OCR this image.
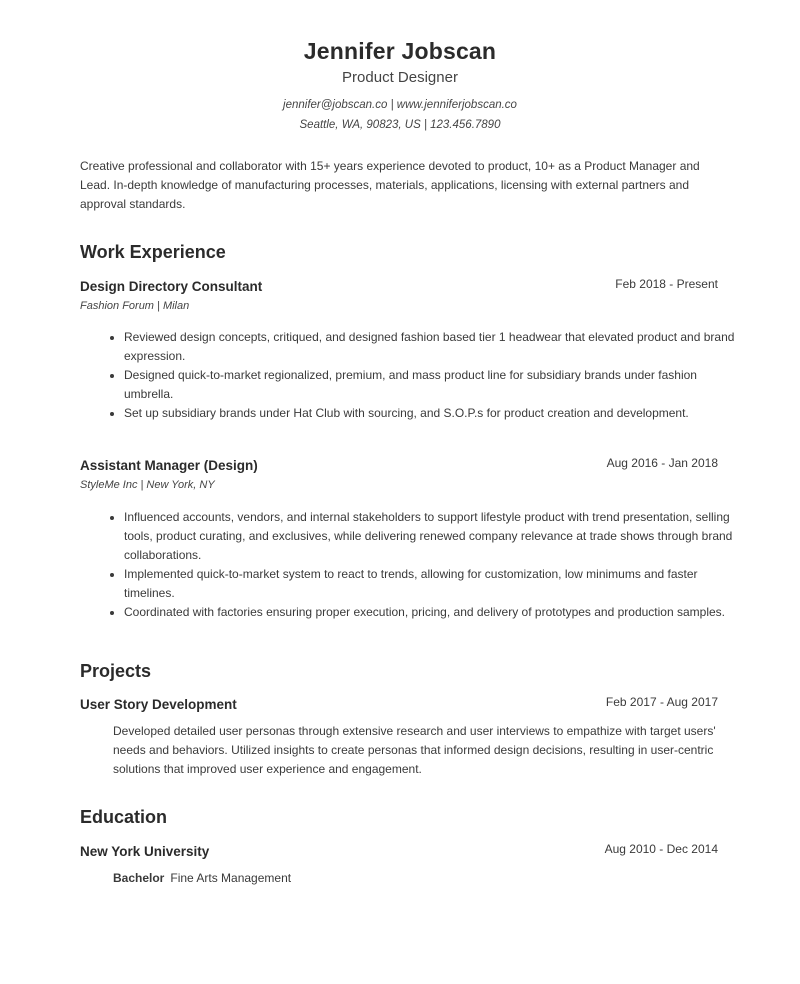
Jennifer Jobscan
Product Designer
jennifer@jobscan.co | www.jenniferjobscan.co
Seattle, WA, 90823, US | 123.456.7890
Creative professional and collaborator with 15+ years experience devoted to product, 10+ as a Product Manager and Lead. In-depth knowledge of manufacturing processes, materials, applications, licensing with external partners and approval standards.
Work Experience
Design Directory Consultant	Feb 2018 - Present
Fashion Forum | Milan
• Reviewed design concepts, critiqued, and designed fashion based tier 1 headwear that elevated product and brand expression.
• Designed quick-to-market regionalized, premium, and mass product line for subsidiary brands under fashion umbrella.
• Set up subsidiary brands under Hat Club with sourcing, and S.O.P.s for product creation and development.
Assistant Manager (Design)	Aug 2016 - Jan 2018
StyleMe Inc | New York, NY
• Influenced accounts, vendors, and internal stakeholders to support lifestyle product with trend presentation, selling tools, product curating, and exclusives, while delivering renewed company relevance at trade shows through brand collaborations.
• Implemented quick-to-market system to react to trends, allowing for customization, low minimums and faster timelines.
• Coordinated with factories ensuring proper execution, pricing, and delivery of prototypes and production samples.
Projects
User Story Development	Feb 2017 - Aug 2017
Developed detailed user personas through extensive research and user interviews to empathize with target users' needs and behaviors. Utilized insights to create personas that informed design decisions, resulting in user-centric solutions that improved user experience and engagement.
Education
New York University	Aug 2010 - Dec 2014
Bachelor Fine Arts Management
